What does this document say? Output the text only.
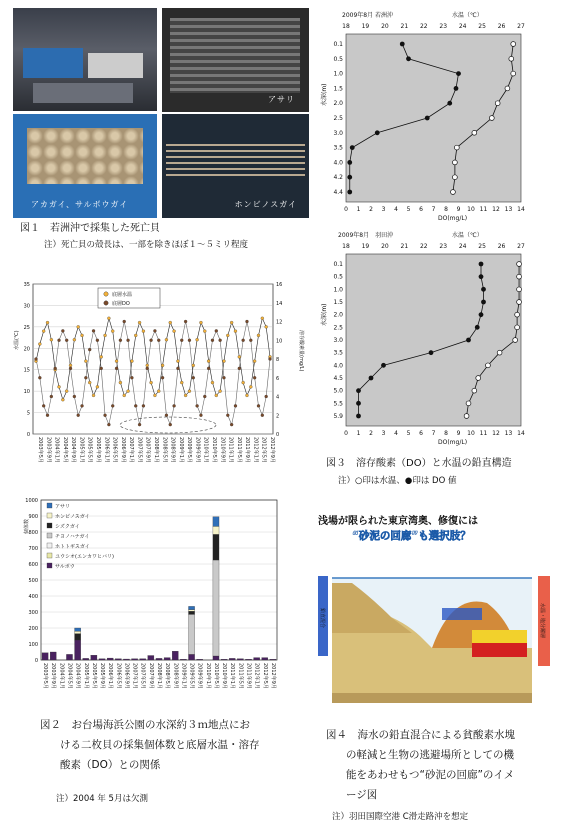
アサリ
アカガイ、サルボウガイ	ホンビノスガイ
図１　若洲沖で採集した死亡貝
注）死亡貝の殻長は、一部を除きほぼ１～５ミリ程度
水温(℃)	溶存酸素量(mg/L)
0
5
10
15
20
25
30
35
0
2
4
6
8
10
12
14
16
底層水温
底層DO
2003年5月 2003年9月 2004年1月 2004年5月 2004年9月 2005年1月 2005年5月 2005年9月 2006年1月 2006年5月 2006年9月 2007年1月 2007年5月 2007年9月 2008年1月 2008年5月 2008年9月 2009年1月 2009年5月 2009年9月 2010年1月 2010年5月 2010年9月 2011年1月 2011年5月 2011年9月 2012年1月 2012年5月 2012年9月
個体数
0
100
200
300
400
500
600
700
800
900
1000
アサリ
ホンビノスガイ
シズクガイ
チヨノハナガイ
ホトトギスガイ
ユウシオ(エンカワヒバリ)
サルボウ
2003年5月 2003年9月 2004年1月 2004年5月 2004年9月 2005年1月 2005年5月 2005年9月 2006年1月 2006年5月 2006年9月 2007年1月 2007年5月 2007年9月 2008年1月 2008年5月 2008年9月 2009年1月 2009年5月 2009年9月 2010年1月 2010年5月 2010年9月 2011年1月 2011年5月 2011年9月 2012年1月 2012年5月 2012年9月
図２　お台場海浜公園の水深約３ｍ地点にお
ける二枚貝の採集個体数と底層水温・溶存
酸素（DO）との関係
注）2004 年 5月は欠測
2009年8月 若洲沖	水温（℃）
18 19 20 21 22 23 24 25 26 27
水深(m)
0.1
0.5
1.0
1.5
2.0
2.5
3.0
3.5
4.0
4.2
4.4
0 1 2 3 4 5 6 7 8 9 10 11 12 13 14
DO(mg/L)
2009年8月　羽田沖	水温（℃）
18 19 20 21 22 23 24 25 26 27
水深(m)
0.1
0.5
1.0
1.5
2.0
2.5
3.0
3.5
4.0
4.5
5.0
5.5
5.9
0 1 2 3 4 5 6 7 8 9 10 11 12 13 14
DO(mg/L)
図３　溶存酸素（DO）と水温の鉛直構造
注）○印は水温、●印は DO 値
浅場が限られた東京湾奥、修復には
“砂泥の回廊”も選択肢？
鉛直混合	水温・塩分躍層
図４　海水の鉛直混合による貧酸素水塊
の軽減と生物の逃避場所としての機
能をあわせもつ“砂泥の回廊”のイメ
ージ図
注）羽田国際空港 C滑走路沖を想定
